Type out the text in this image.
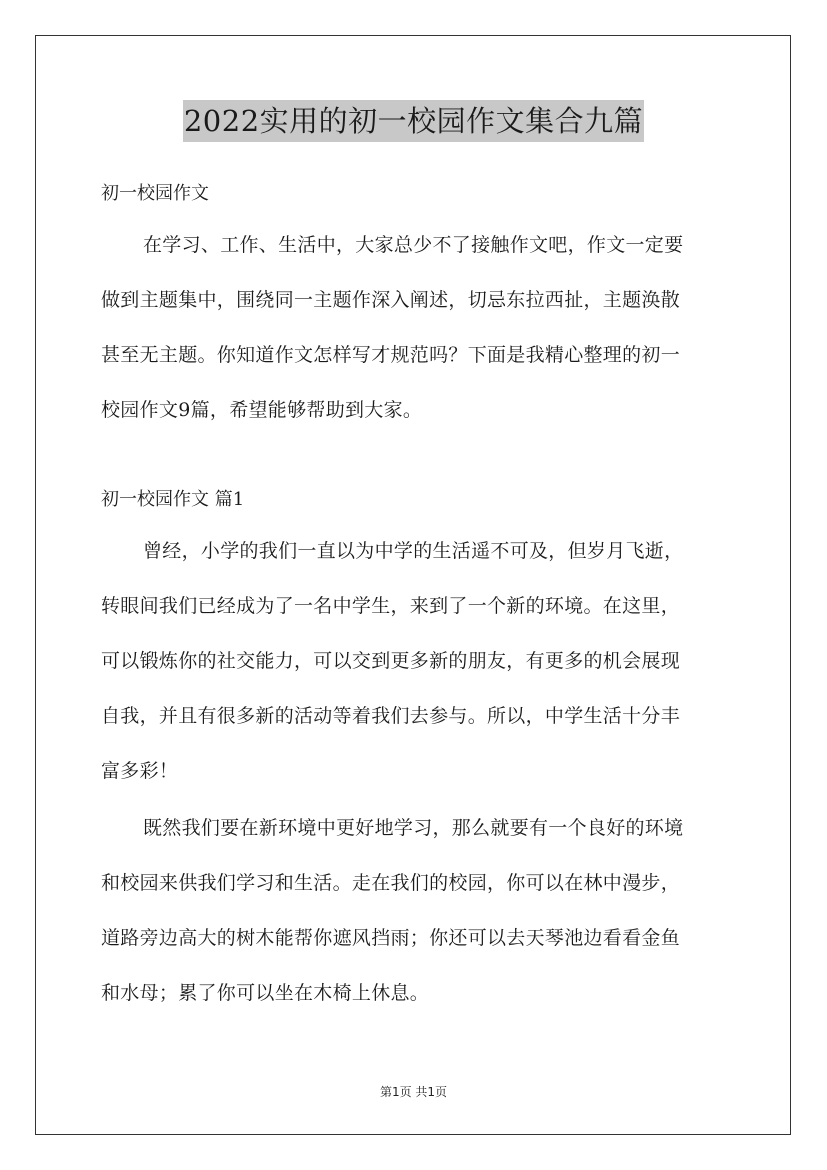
2022实用的初一校园作文集合九篇
初一校园作文
在学习、工作、生活中，大家总少不了接触作文吧，作文一定要
做到主题集中，围绕同一主题作深入阐述，切忌东拉西扯，主题涣散
甚至无主题。你知道作文怎样写才规范吗？下面是我精心整理的初一
校园作文9篇，希望能够帮助到大家。
初一校园作文 篇1
曾经，小学的我们一直以为中学的生活遥不可及，但岁月飞逝，
转眼间我们已经成为了一名中学生，来到了一个新的环境。在这里，
可以锻炼你的社交能力，可以交到更多新的朋友，有更多的机会展现
自我，并且有很多新的活动等着我们去参与。所以，中学生活十分丰
富多彩！
既然我们要在新环境中更好地学习，那么就要有一个良好的环境
和校园来供我们学习和生活。走在我们的校园，你可以在林中漫步，
道路旁边高大的树木能帮你遮风挡雨；你还可以去天琴池边看看金鱼
和水母；累了你可以坐在木椅上休息。
第1页 共1页
